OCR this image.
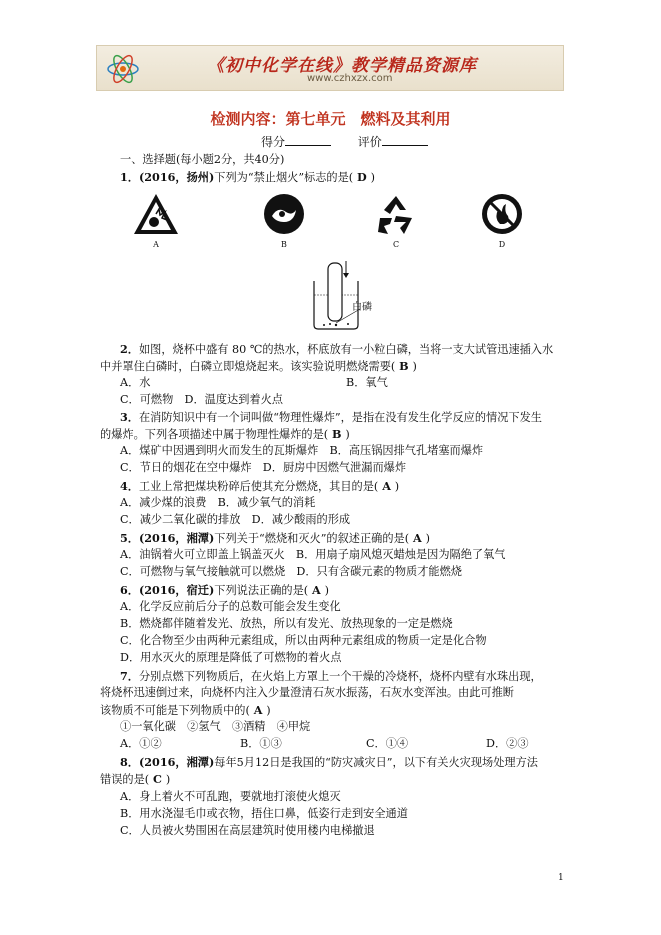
《初中化学在线》教学精品资源库
www.czhxzx.com
检测内容：第七单元　燃料及其利用
得分	评价
一、选择题(每小题2分，共40分)
1．(2016，扬州)下列为“禁止烟火”标志的是( D )
A	B	C	D
白磷
2．如图，烧杯中盛有 80 ℃的热水，杯底放有一小粒白磷，当将一支大试管迅速插入水
中并罩住白磷时，白磷立即熄烧起来。该实验说明燃烧需要( B )
A．水	B．氧气
C．可燃物　D．温度达到着火点
3．在消防知识中有一个词叫做“物理性爆炸”，是指在没有发生化学反应的情况下发生
的爆炸。下列各项描述中属于物理性爆炸的是( B )
A．煤矿中因遇到明火而发生的瓦斯爆炸　B．高压锅因排气孔堵塞而爆炸
C．节日的烟花在空中爆炸　D．厨房中因燃气泄漏而爆炸
4．工业上常把煤块粉碎后使其充分燃烧，其目的是( A )
A．减少煤的浪费　B．减少氧气的消耗
C．减少二氧化碳的排放　D．减少酸雨的形成
5．(2016，湘潭)下列关于“燃烧和灭火”的叙述正确的是( A )
A．油锅着火可立即盖上锅盖灭火　B．用扇子扇风熄灭蜡烛是因为隔绝了氧气
C．可燃物与氧气接触就可以燃烧　D．只有含碳元素的物质才能燃烧
6．(2016，宿迁)下列说法正确的是( A )
A．化学反应前后分子的总数可能会发生变化
B．燃烧都伴随着发光、放热，所以有发光、放热现象的一定是燃烧
C．化合物至少由两种元素组成，所以由两种元素组成的物质一定是化合物
D．用水灭火的原理是降低了可燃物的着火点
7．分别点燃下列物质后，在火焰上方罩上一个干燥的冷烧杯，烧杯内壁有水珠出现，
将烧杯迅速倒过来，向烧杯内注入少量澄清石灰水振荡，石灰水变浑浊。由此可推断
该物质不可能是下列物质中的( A )
①一氧化碳　②氢气　③酒精　④甲烷
A．①②	B．①③	C．①④	D．②③
8．(2016，湘潭)每年5月12日是我国的“防灾减灾日”，以下有关火灾现场处理方法
错误的是( C )
A．身上着火不可乱跑，要就地打滚使火熄灭
B．用水浇湿毛巾或衣物，捂住口鼻，低姿行走到安全通道
C．人员被火势围困在高层建筑时使用楼内电梯撤退
1
